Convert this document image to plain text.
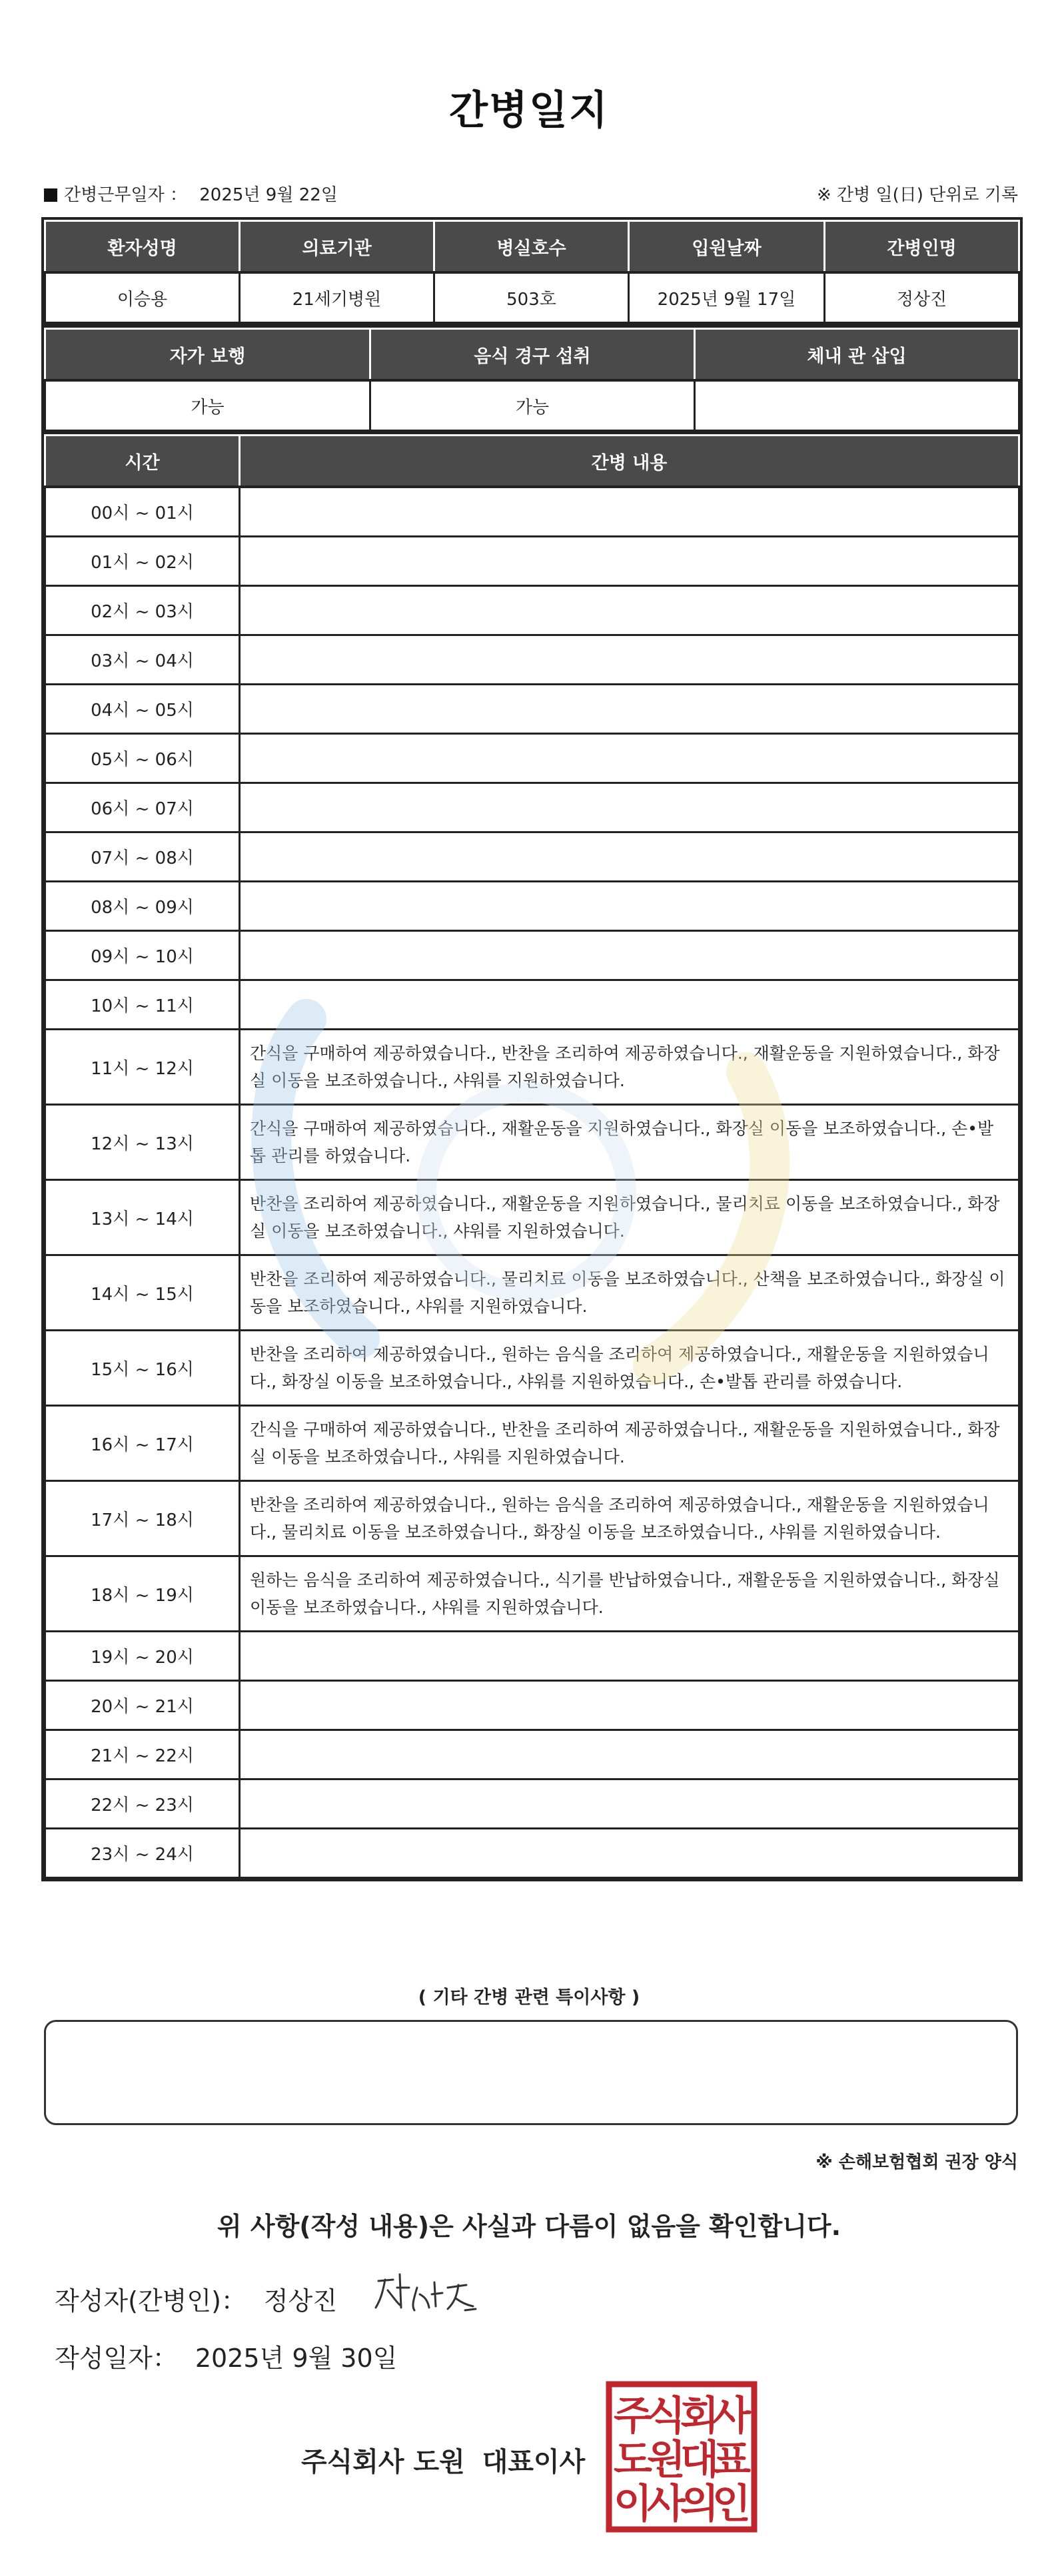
간병일지
간병근무일자 ： 2025년 9월 22일	※ 간병 일(日) 단위로 기록
환자성명	의료기관	병실호수	입원날짜	간병인명
이승용	21세기병원	503호	2025년 9월 17일	정상진
자가 보행	음식 경구 섭취	체내 관 삽입
가능	가능	
시간	간병 내용
00시 ~ 01시	
01시 ~ 02시	
02시 ~ 03시	
03시 ~ 04시	
04시 ~ 05시	
05시 ~ 06시	
06시 ~ 07시	
07시 ~ 08시	
08시 ~ 09시	
09시 ~ 10시	
10시 ~ 11시	
11시 ~ 12시	간식을 구매하여 제공하였습니다., 반찬을 조리하여 제공하였습니다., 재활운동을 지원하였습니다., 화장실 이동을 보조하였습니다., 샤워를 지원하였습니다.
12시 ~ 13시	간식을 구매하여 제공하였습니다., 재활운동을 지원하였습니다., 화장실 이동을 보조하였습니다., 손•발톱 관리를 하였습니다.
13시 ~ 14시	반찬을 조리하여 제공하였습니다., 재활운동을 지원하였습니다., 물리치료 이동을 보조하였습니다., 화장실 이동을 보조하였습니다., 샤워를 지원하였습니다.
14시 ~ 15시	반찬을 조리하여 제공하였습니다., 물리치료 이동을 보조하였습니다., 산책을 보조하였습니다., 화장실 이동을 보조하였습니다., 샤워를 지원하였습니다.
15시 ~ 16시	반찬을 조리하여 제공하였습니다., 원하는 음식을 조리하여 제공하였습니다., 재활운동을 지원하였습니다., 화장실 이동을 보조하였습니다., 샤워를 지원하였습니다., 손•발톱 관리를 하였습니다.
16시 ~ 17시	간식을 구매하여 제공하였습니다., 반찬을 조리하여 제공하였습니다., 재활운동을 지원하였습니다., 화장실 이동을 보조하였습니다., 샤워를 지원하였습니다.
17시 ~ 18시	반찬을 조리하여 제공하였습니다., 원하는 음식을 조리하여 제공하였습니다., 재활운동을 지원하였습니다., 물리치료 이동을 보조하였습니다., 화장실 이동을 보조하였습니다., 샤워를 지원하였습니다.
18시 ~ 19시	원하는 음식을 조리하여 제공하였습니다., 식기를 반납하였습니다., 재활운동을 지원하였습니다., 화장실 이동을 보조하였습니다., 샤워를 지원하였습니다.
19시 ~ 20시	
20시 ~ 21시	
21시 ~ 22시	
22시 ~ 23시	
23시 ~ 24시	
( 기타 간병 관련 특이사항 )
※ 손해보험협회 권장 양식
위 사항(작성 내용)은 사실과 다름이 없음을 확인합니다.
작성자(간병인)： 정상진
작성일자： 2025년 9월 30일
주식회사 도원 대표이사
주
식
회
사
도
원
대
표
이
사
의
인
